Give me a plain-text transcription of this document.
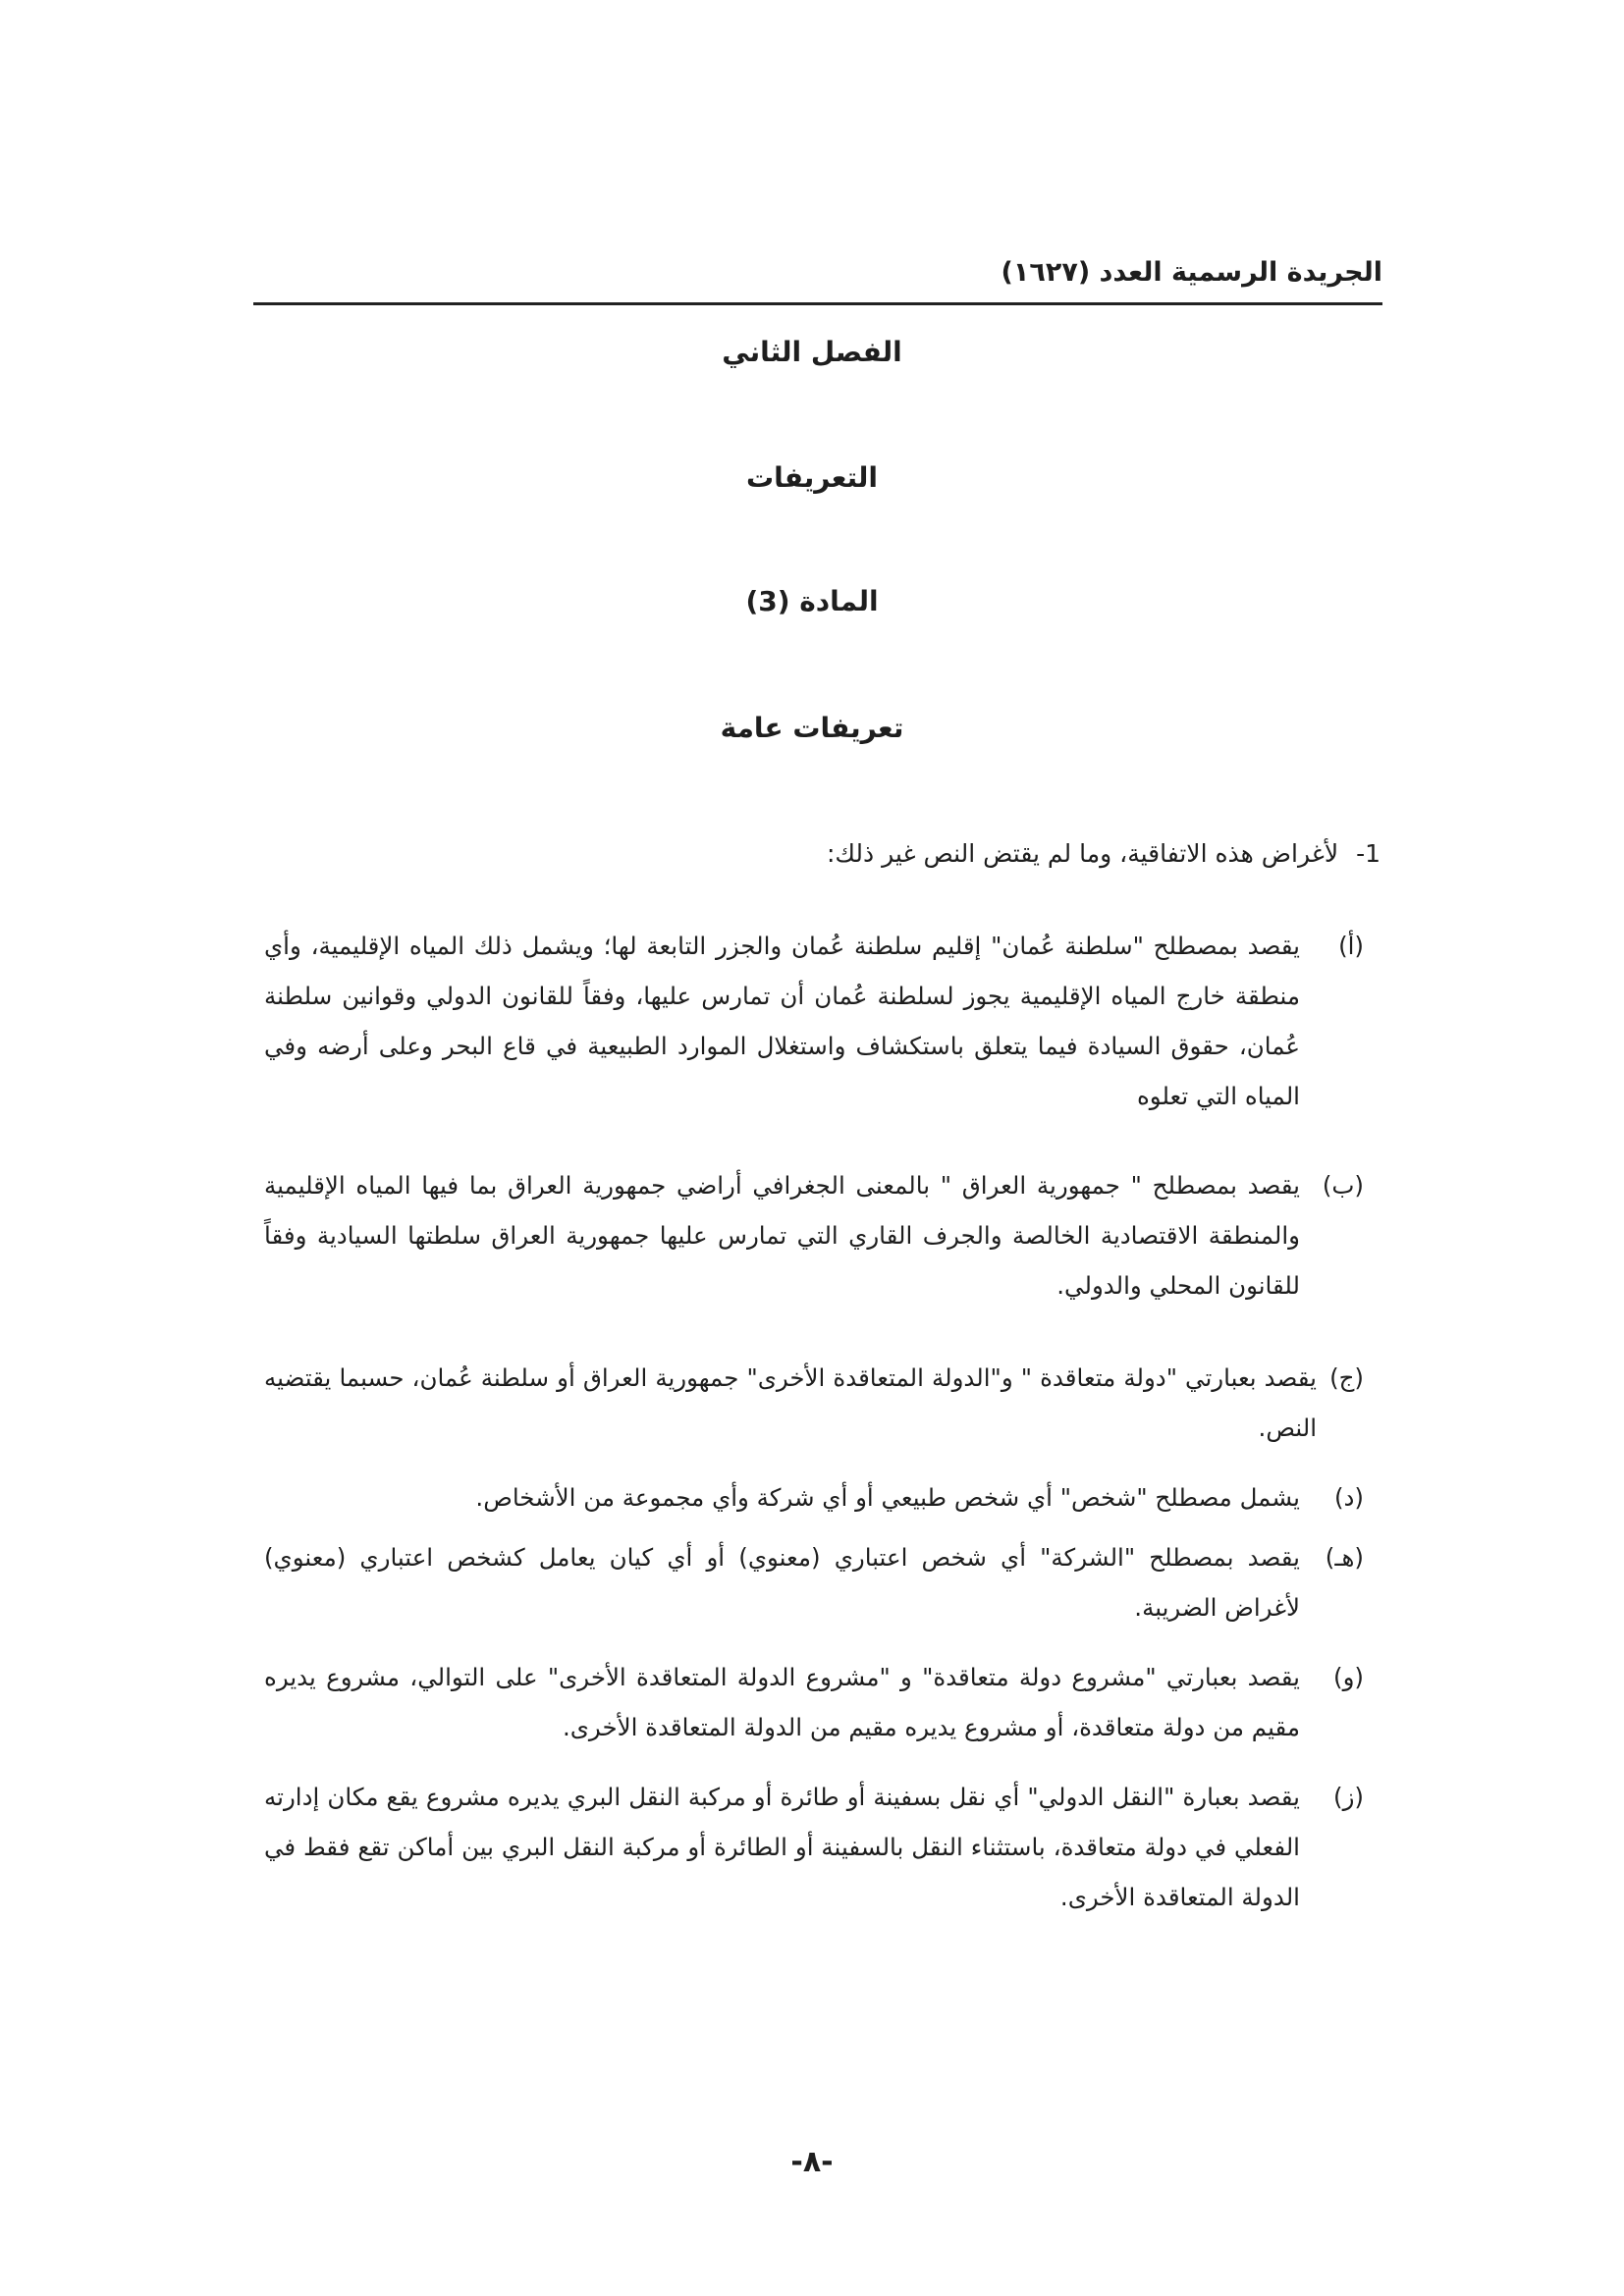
الجريدة الرسمية العدد (١٦٢٧)
الفصل الثاني
التعريفات
المادة (3)
تعريفات عامة
1- لأغراض هذه الاتفاقية، وما لم يقتض النص غير ذلك:
(أ)
يقصد بمصطلح "سلطنة عُمان" إقليم سلطنة عُمان والجزر التابعة لها؛ ويشمل ذلك المياه الإقليمية، وأي منطقة خارج المياه الإقليمية يجوز لسلطنة عُمان أن تمارس عليها، وفقاً للقانون الدولي وقوانين سلطنة عُمان، حقوق السيادة فيما يتعلق باستكشاف واستغلال الموارد الطبيعية في قاع البحر وعلى أرضه وفي المياه التي تعلوه
(ب)
يقصد بمصطلح " جمهورية العراق " بالمعنى الجغرافي أراضي جمهورية العراق بما فيها المياه الإقليمية والمنطقة الاقتصادية الخالصة والجرف القاري التي تمارس عليها جمهورية العراق سلطتها السيادية وفقاً للقانون المحلي والدولي.
(ج)
يقصد بعبارتي "دولة متعاقدة " و"الدولة المتعاقدة الأخرى" جمهورية العراق أو سلطنة عُمان، حسبما يقتضيه النص.
(د)
يشمل مصطلح "شخص" أي شخص طبيعي أو أي شركة وأي مجموعة من الأشخاص.
(هـ)
يقصد بمصطلح "الشركة" أي شخص اعتباري (معنوي) أو أي كيان يعامل كشخص اعتباري (معنوي) لأغراض الضريبة.
(و)
يقصد بعبارتي "مشروع دولة متعاقدة" و "مشروع الدولة المتعاقدة الأخرى" على التوالي، مشروع يديره مقيم من دولة متعاقدة، أو مشروع يديره مقيم من الدولة المتعاقدة الأخرى.
(ز)
يقصد بعبارة "النقل الدولي" أي نقل بسفينة أو طائرة أو مركبة النقل البري يديره مشروع يقع مكان إدارته الفعلي في دولة متعاقدة، باستثناء النقل بالسفينة أو الطائرة أو مركبة النقل البري بين أماكن تقع فقط في الدولة المتعاقدة الأخرى.
-٨-
